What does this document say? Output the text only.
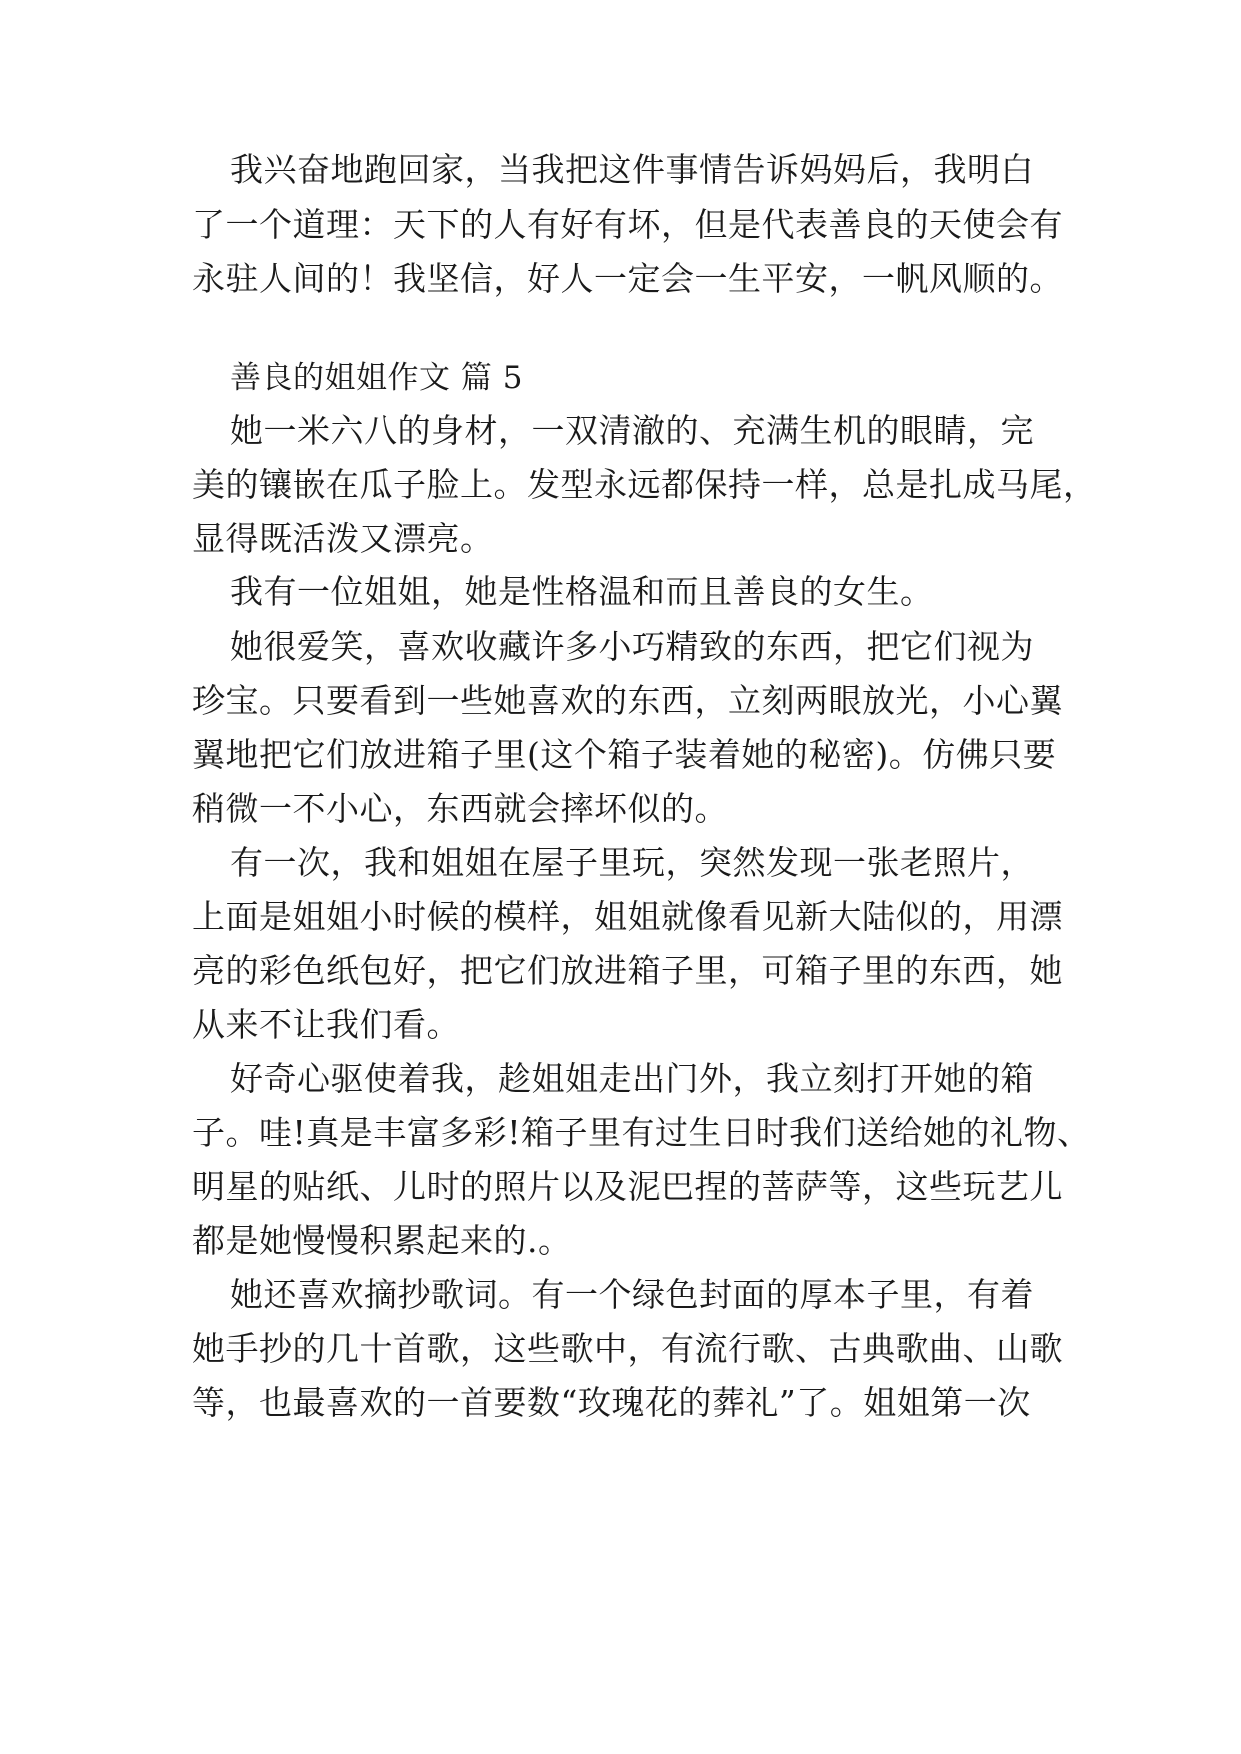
我兴奋地跑回家，当我把这件事情告诉妈妈后，我明白
了一个道理：天下的人有好有坏，但是代表善良的天使会有
永驻人间的！我坚信，好人一定会一生平安，一帆风顺的。
善良的姐姐作文 篇 5
她一米六八的身材，一双清澈的、充满生机的眼睛，完
美的镶嵌在瓜子脸上。发型永远都保持一样，总是扎成马尾，
显得既活泼又漂亮。
我有一位姐姐，她是性格温和而且善良的女生。
她很爱笑，喜欢收藏许多小巧精致的东西，把它们视为
珍宝。只要看到一些她喜欢的东西，立刻两眼放光，小心翼
翼地把它们放进箱子里(这个箱子装着她的秘密)。仿佛只要
稍微一不小心，东西就会摔坏似的。
有一次，我和姐姐在屋子里玩，突然发现一张老照片，
上面是姐姐小时候的模样，姐姐就像看见新大陆似的，用漂
亮的彩色纸包好，把它们放进箱子里，可箱子里的东西，她
从来不让我们看。
好奇心驱使着我，趁姐姐走出门外，我立刻打开她的箱
子。哇!真是丰富多彩!箱子里有过生日时我们送给她的礼物、
明星的贴纸、儿时的照片以及泥巴捏的菩萨等，这些玩艺儿
都是她慢慢积累起来的.。
她还喜欢摘抄歌词。有一个绿色封面的厚本子里，有着
她手抄的几十首歌，这些歌中，有流行歌、古典歌曲、山歌
等，也最喜欢的一首要数“玫瑰花的葬礼”了。姐姐第一次
